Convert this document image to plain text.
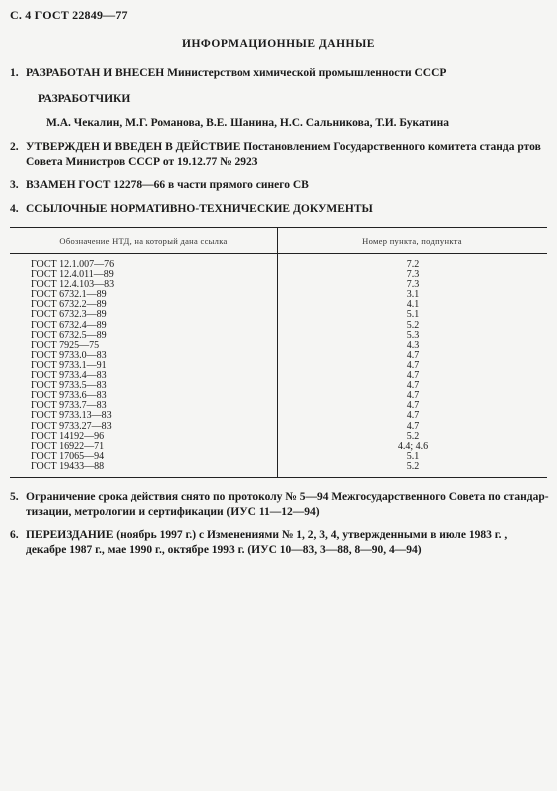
С. 4 ГОСТ 22849—77
ИНФОРМАЦИОННЫЕ ДАННЫЕ
1. РАЗРАБОТАН И ВНЕСЕН Министерством химической промышленности СССР
РАЗРАБОТЧИКИ
М.А. Чекалин, М.Г. Романова, В.Е. Шанина, Н.С. Сальникова, Т.И. Букатина
2. УТВЕРЖДЕН И ВВЕДЕН В ДЕЙСТВИЕ Постановлением Государственного комитета станда ртов
Совета Министров СССР от 19.12.77 № 2923
3. ВЗАМЕН ГОСТ 12278—66 в части прямого синего СВ
4. ССЫЛОЧНЫЕ НОРМАТИВНО-ТЕХНИЧЕСКИЕ ДОКУМЕНТЫ
Обозначение НТД, на который дана ссылка	Номер пункта, подпункта
ГОСТ 12.1.007—76
ГОСТ 12.4.011—89
ГОСТ 12.4.103—83
ГОСТ 6732.1—89
ГОСТ 6732.2—89
ГОСТ 6732.3—89
ГОСТ 6732.4—89
ГОСТ 6732.5—89
ГОСТ 7925—75
ГОСТ 9733.0—83
ГОСТ 9733.1—91
ГОСТ 9733.4—83
ГОСТ 9733.5—83
ГОСТ 9733.6—83
ГОСТ 9733.7—83
ГОСТ 9733.13—83
ГОСТ 9733.27—83
ГОСТ 14192—96
ГОСТ 16922—71
ГОСТ 17065—94
ГОСТ 19433—88
7.2
7.3
7.3
3.1
4.1
5.1
5.2
5.3
4.3
4.7
4.7
4.7
4.7
4.7
4.7
4.7
4.7
5.2
4.4; 4.6
5.1
5.2
5. Ограничение срока действия снято по протоколу № 5—94 Межгосударственного Совета по стандар-
тизации, метрологии и сертификации (ИУС 11—12—94)
6. ПЕРЕИЗДАНИЕ (ноябрь 1997 г.) с Изменениями № 1, 2, 3, 4, утвержденными в июле 1983 г. ,
декабре 1987 г., мае 1990 г., октябре 1993 г. (ИУС 10—83, 3—88, 8—90, 4—94)
